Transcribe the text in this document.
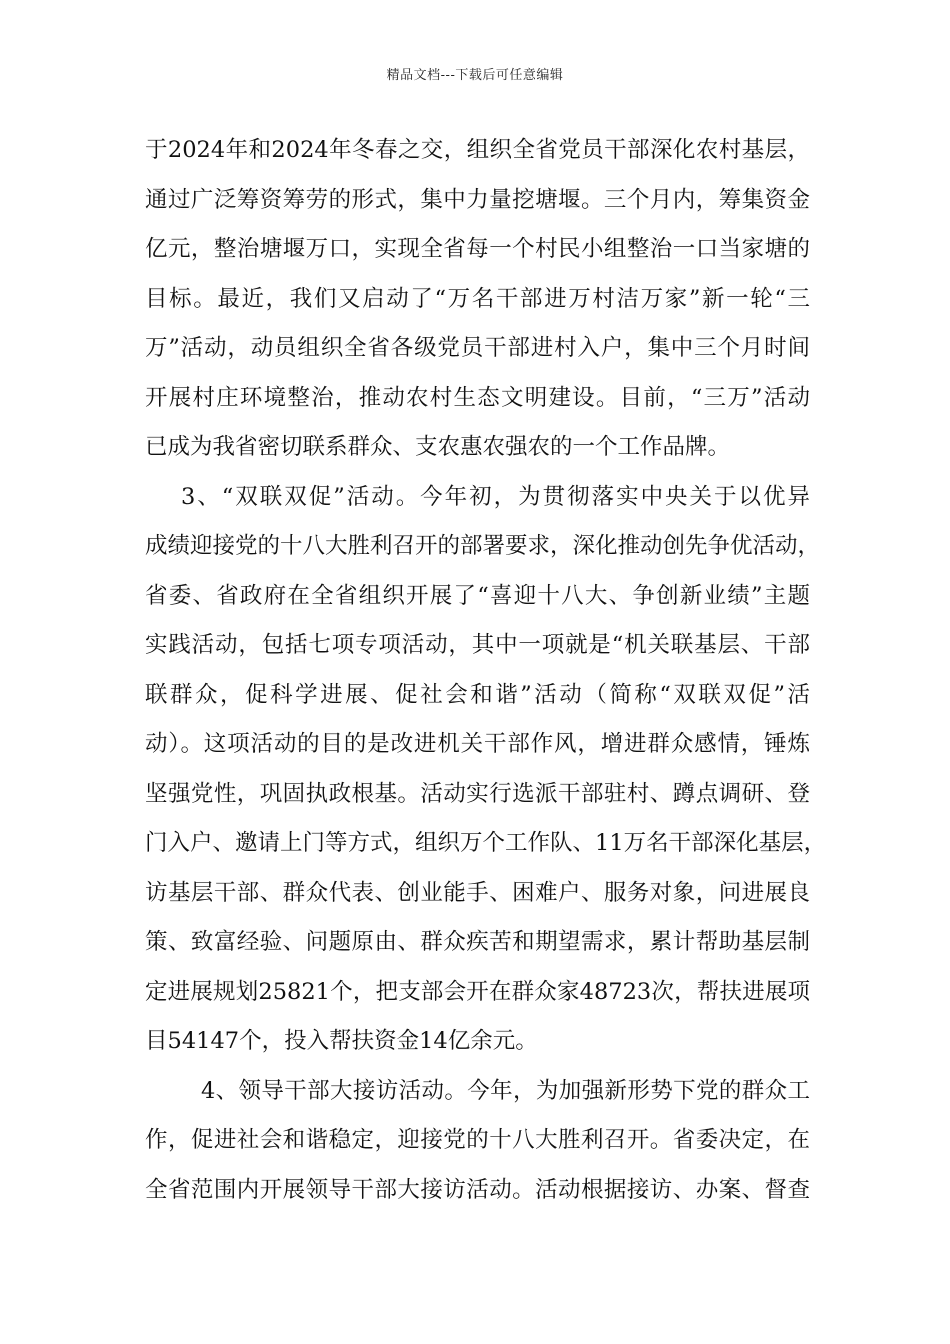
精品文档---下载后可任意编辑
于2024年和2024年冬春之交，组织全省党员干部深化农村基层，
通过广泛筹资筹劳的形式，集中力量挖塘堰。三个月内，筹集资金
亿元，整治塘堰万口，实现全省每一个村民小组整治一口当家塘的
目标。最近，我们又启动了“万名干部进万村洁万家”新一轮“三
万”活动，动员组织全省各级党员干部进村入户，集中三个月时间
开展村庄环境整治，推动农村生态文明建设。目前，“三万”活动
已成为我省密切联系群众、支农惠农强农的一个工作品牌。
3、“双联双促”活动。今年初，为贯彻落实中央关于以优异
成绩迎接党的十八大胜利召开的部署要求，深化推动创先争优活动，
省委、省政府在全省组织开展了“喜迎十八大、争创新业绩”主题
实践活动，包括七项专项活动，其中一项就是“机关联基层、干部
联群众，促科学进展、促社会和谐”活动（简称“双联双促”活
动）。这项活动的目的是改进机关干部作风，增进群众感情，锤炼
坚强党性，巩固执政根基。活动实行选派干部驻村、蹲点调研、登
门入户、邀请上门等方式，组织万个工作队、11万名干部深化基层，
访基层干部、群众代表、创业能手、困难户、服务对象，问进展良
策、致富经验、问题原由、群众疾苦和期望需求，累计帮助基层制
定进展规划25821个，把支部会开在群众家48723次，帮扶进展项
目54147个，投入帮扶资金14亿余元。
4、领导干部大接访活动。今年，为加强新形势下党的群众工
作，促进社会和谐稳定，迎接党的十八大胜利召开。省委决定，在
全省范围内开展领导干部大接访活动。活动根据接访、办案、督查
